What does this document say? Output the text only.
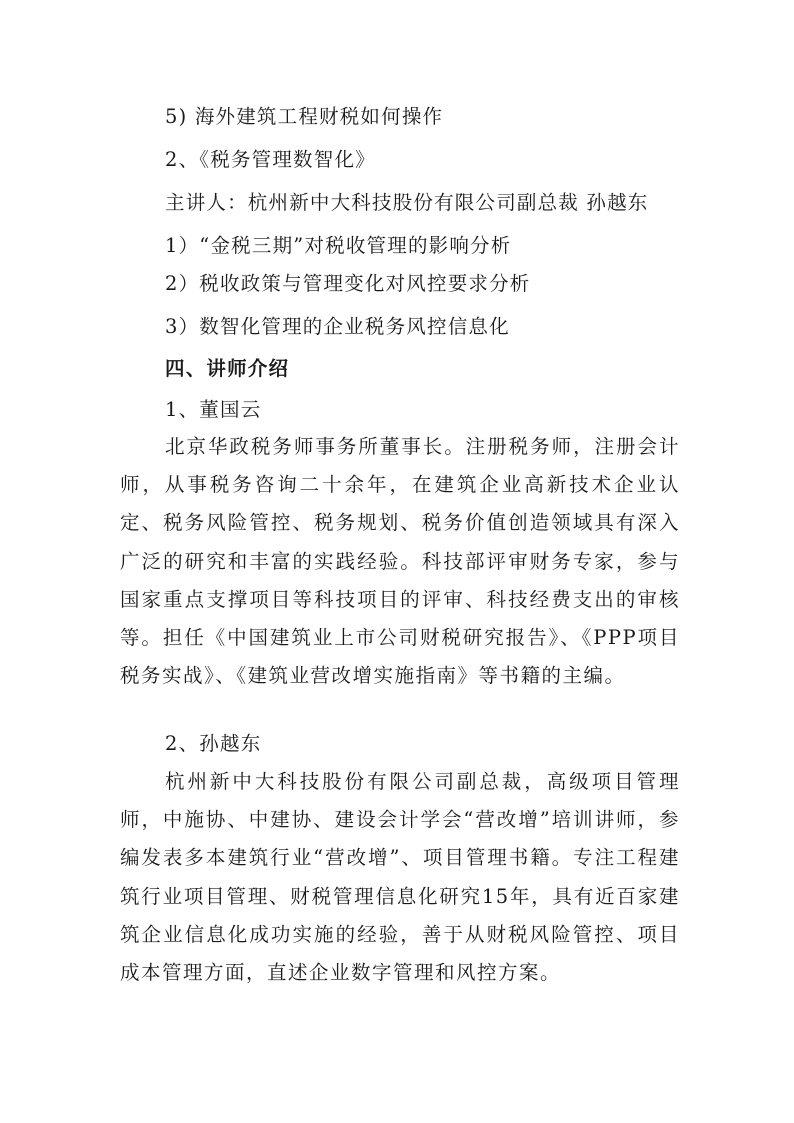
5) 海外建筑工程财税如何操作
2、《税务管理数智化》
主讲人：杭州新中大科技股份有限公司副总裁 孙越东
1）“金税三期”对税收管理的影响分析
2）税收政策与管理变化对风控要求分析
3）数智化管理的企业税务风控信息化
四、讲师介绍
1、董国云

北京华政税务师事务所董事长。注册税务师，注册会计师，从事税务咨询二十余年，在建筑企业高新技术企业认定、税务风险管控、税务规划、税务价值创造领域具有深入广泛的研究和丰富的实践经验。科技部评审财务专家，参与国家重点支撑项目等科技项目的评审、科技经费支出的审核等。担任《中国建筑业上市公司财税研究报告》、《PPP项目税务实战》、《建筑业营改增实施指南》等书籍的主编。

2、孙越东

杭州新中大科技股份有限公司副总裁，高级项目管理师，中施协、中建协、建设会计学会“营改增”培训讲师，参编发表多本建筑行业“营改增”、项目管理书籍。专注工程建筑行业项目管理、财税管理信息化研究15年，具有近百家建筑企业信息化成功实施的经验，善于从财税风险管控、项目成本管理方面，直述企业数字管理和风控方案。
